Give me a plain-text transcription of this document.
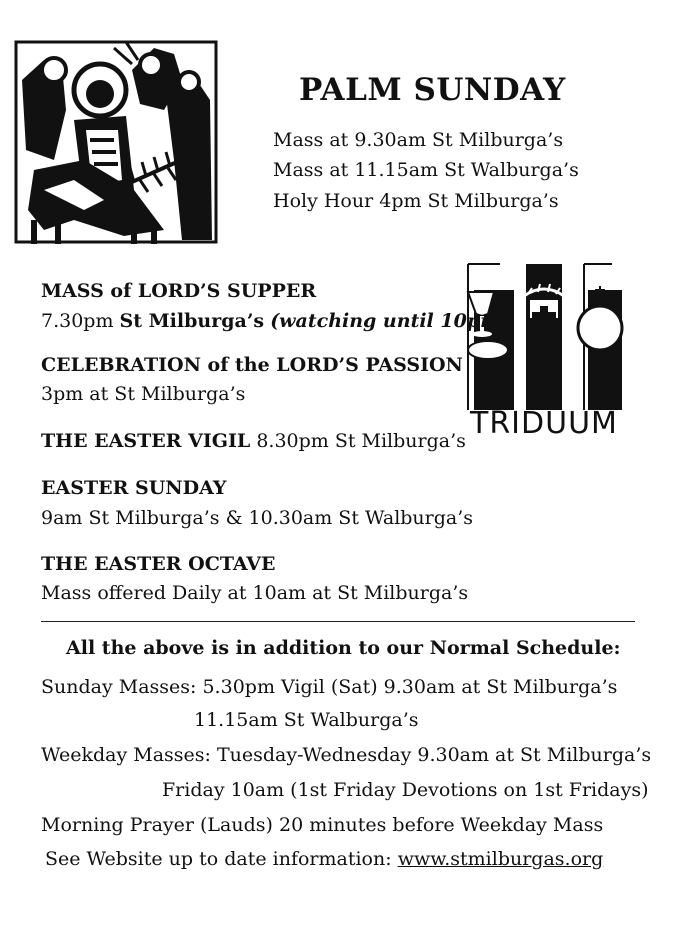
PALM SUNDAY
Mass at 9.30am St Milburga’s
Mass at 11.15am St Walburga’s
Holy Hour 4pm St Milburga’s
TRIDUUM
MASS of LORD’S SUPPER
7.30pm St Milburga’s (watching until 10pm)
CELEBRATION of the LORD’S PASSION
3pm at St Milburga’s
THE EASTER VIGIL 8.30pm St Milburga’s
EASTER SUNDAY
9am St Milburga’s & 10.30am St Walburga’s
THE EASTER OCTAVE
Mass offered Daily at 10am at St Milburga’s
All the above is in addition to our Normal Schedule:
Sunday Masses: 5.30pm Vigil (Sat) 9.30am at St Milburga’s
11.15am St Walburga’s
Weekday Masses: Tuesday-Wednesday 9.30am at St Milburga’s
Friday 10am (1st Friday Devotions on 1st Fridays)
Morning Prayer (Lauds) 20 minutes before Weekday Mass
See Website up to date information: www.stmilburgas.org
